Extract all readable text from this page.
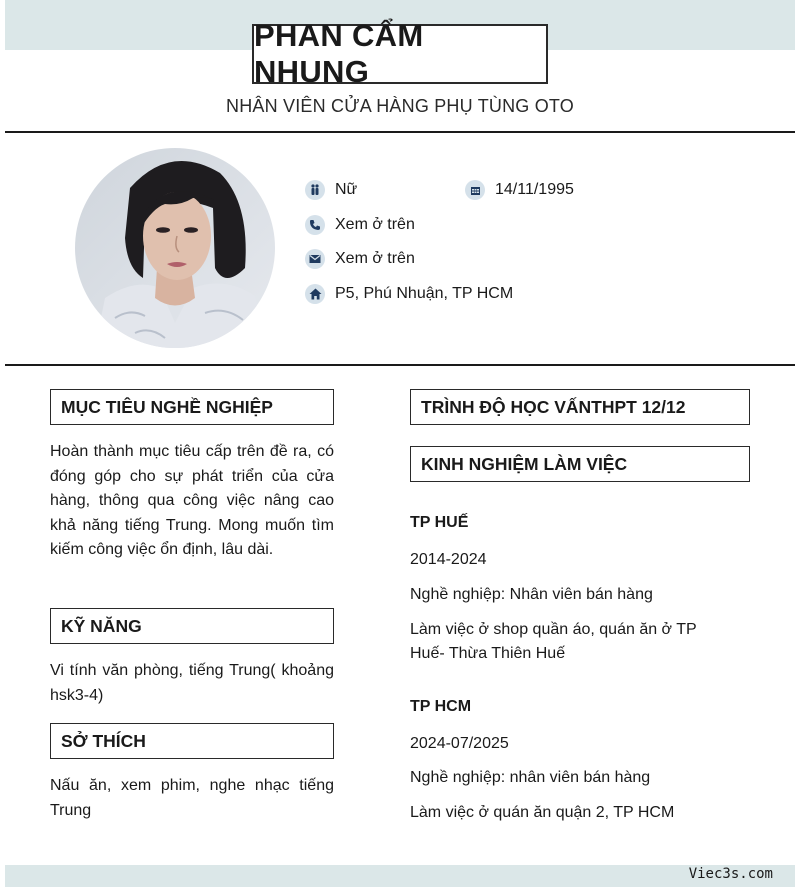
PHAN CẨM NHUNG
NHÂN VIÊN CỬA HÀNG PHỤ TÙNG OTO
Nữ	14/11/1995
Xem ở trên
Xem ở trên
P5, Phú Nhuận, TP HCM
MỤC TIÊU NGHỀ NGHIỆP
Hoàn thành mục tiêu cấp trên đề ra, có đóng góp cho sự phát triển của cửa hàng, thông qua công việc nâng cao khả năng tiếng Trung. Mong muốn tìm kiếm công việc ổn định, lâu dài.
KỸ NĂNG
Vi tính văn phòng, tiếng Trung( khoảng hsk3-4)
SỞ THÍCH
Nấu ăn, xem phim, nghe nhạc tiếng Trung
TRÌNH ĐỘ HỌC VẤNTHPT 12/12
KINH NGHIỆM LÀM VIỆC
TP HUẾ
2014-2024
Nghề nghiệp: Nhân viên bán hàng
Làm việc ở shop quần áo, quán ăn ở TP Huế- Thừa Thiên Huế
TP HCM
2024-07/2025
Nghề nghiệp: nhân viên bán hàng
Làm việc ở quán ăn quận 2, TP HCM
Viec3s.com
